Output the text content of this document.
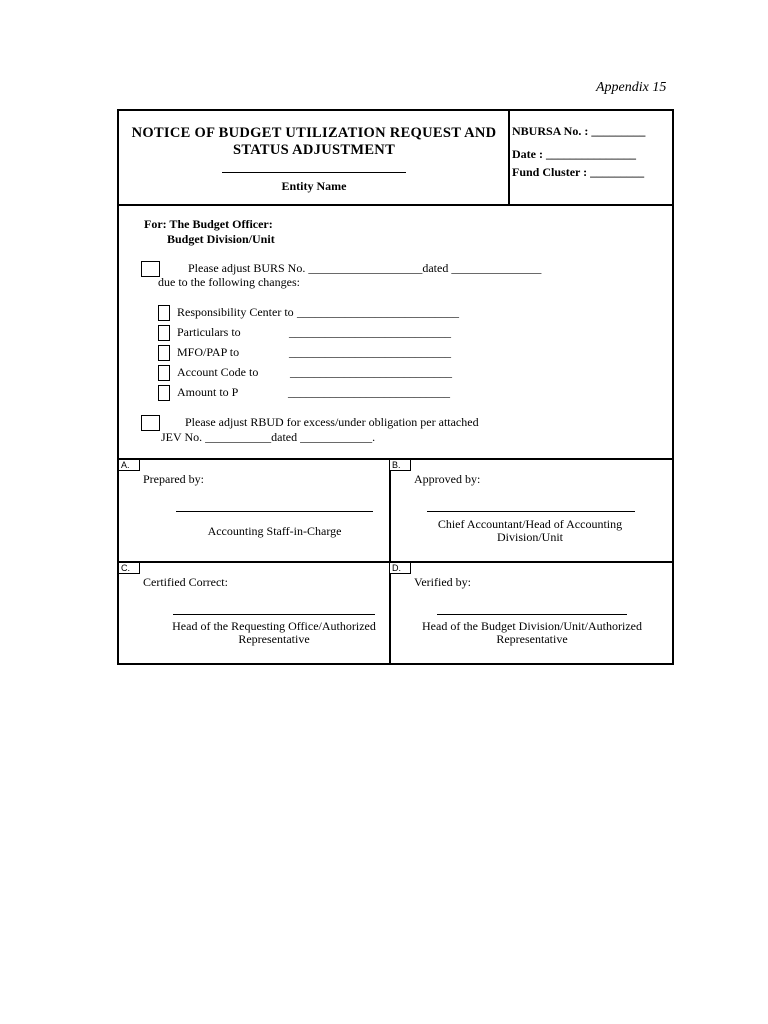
Appendix 15
NOTICE OF BUDGET UTILIZATION REQUEST AND STATUS ADJUSTMENT
Entity Name
NBURSA No. : _________
Date : _______________
Fund Cluster : _________
For: The Budget Officer:
Budget Division/Unit
Please adjust BURS No. ___________________dated _______________
due to the following changes:
Responsibility Center to ___________________________
Particulars to	___________________________
MFO/PAP to	___________________________
Account Code to	___________________________
Amount to P	___________________________
Please adjust RBUD for excess/under obligation per attached
JEV No. ___________dated ____________.
A.
Prepared by:
Accounting Staff-in-Charge
B.
Approved by:
Chief Accountant/Head of Accounting Division/Unit
C.
Certified Correct:
Head of the Requesting Office/Authorized Representative
D.
Verified by:
Head of the Budget Division/Unit/Authorized Representative
